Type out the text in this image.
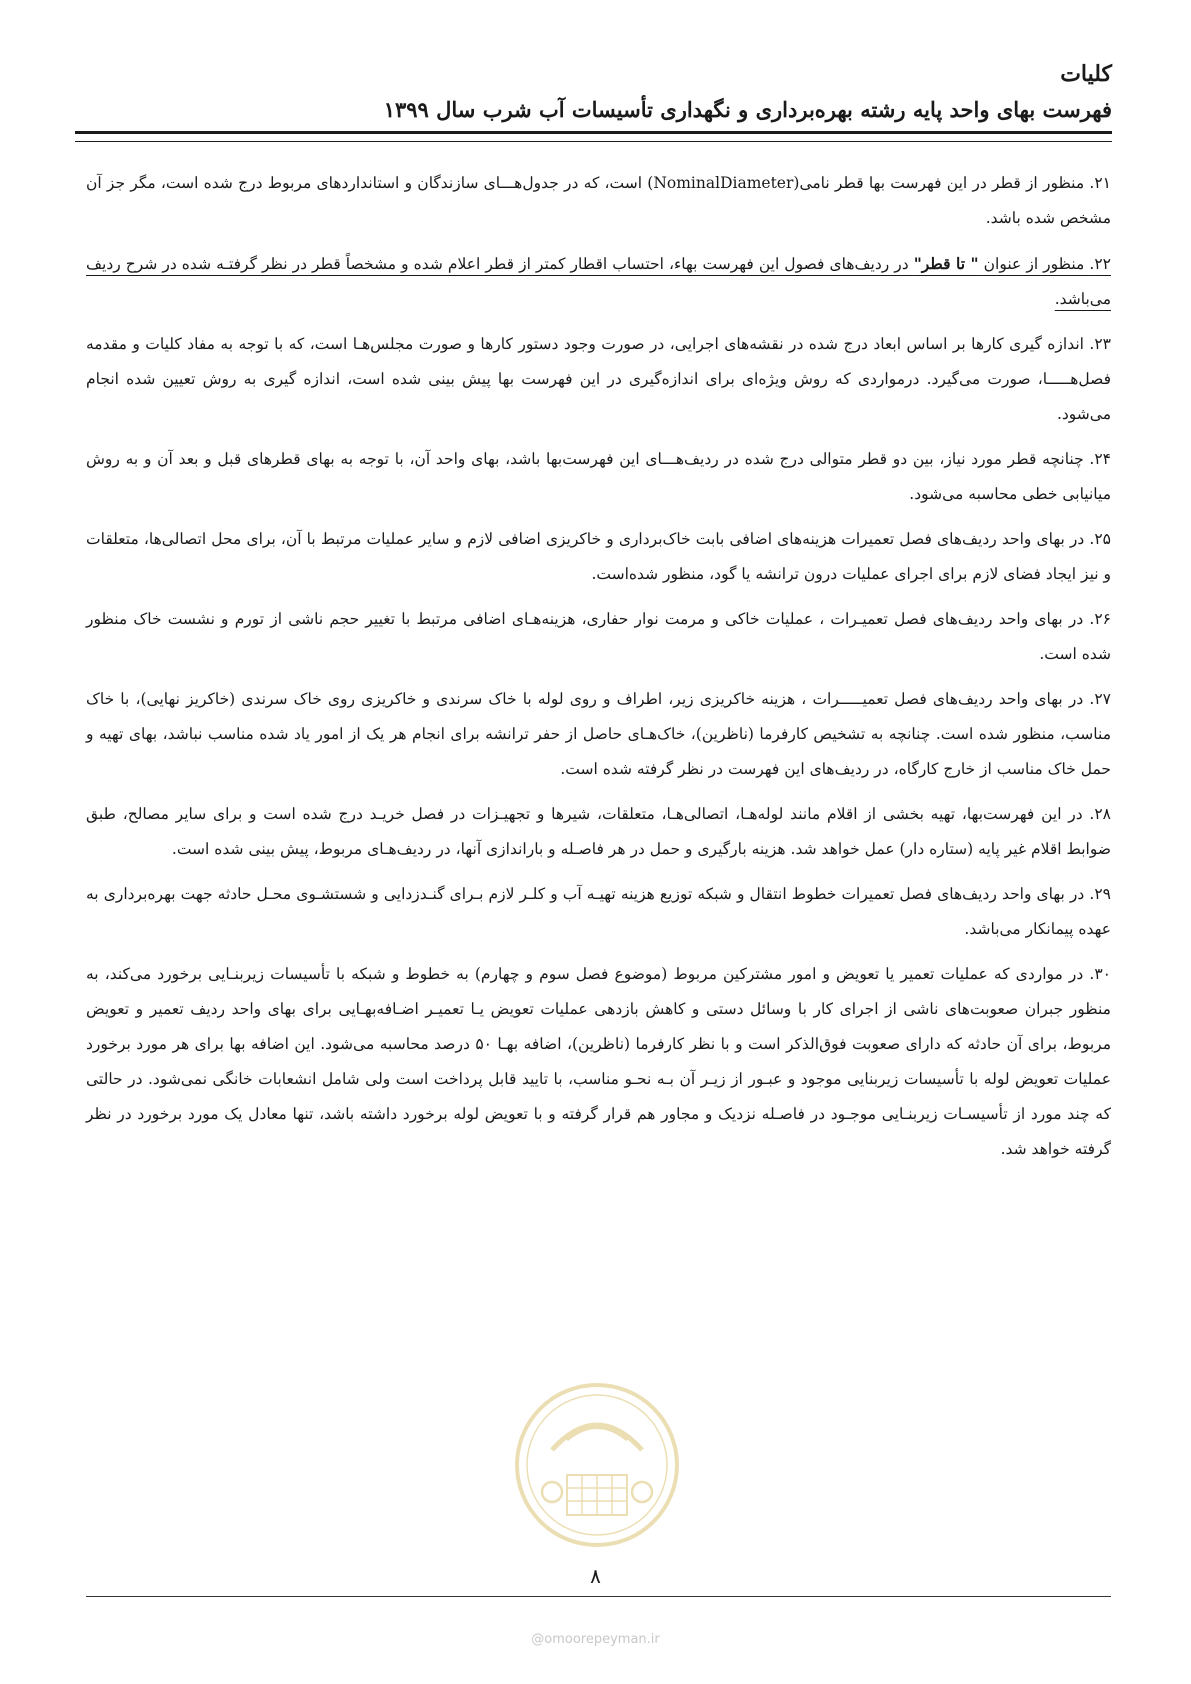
کلیات
فهرست بهای واحد پایه رشته بهره‌برداری و نگهداری تأسیسات آب شرب سال ۱۳۹۹

۲۱. منظور از قطر در این فهرست بها قطر نامی(NominalDiameter) است، که در جدول‌هـــای سازندگان و استانداردهای مربوط درج شده است، مگر جز آن مشخص شده باشد.

۲۲. منظور از عنوان " تا قطر" در ردیف‌های فصول این فهرست بهاء، احتساب اقطار کمتر از قطر اعلام شده و مشخصاً قطر در نظر گرفتـه شده در شرح ردیف می‌باشد.

۲۳. اندازه گیری کارها بر اساس ابعاد درج شده در نقشه‌های اجرایی، در صورت وجود دستور کارها و صورت مجلس‌هـا است، که با توجه به مفاد کلیات و مقدمه فصل‌هـــــا، صورت می‌گیرد. درمواردی که روش ویژه‌ای برای اندازه‌گیری در این فهرست بها پیش بینی شده است، اندازه گیری به روش تعیین شده انجام می‌شود.

۲۴. چنانچه قطر مورد نیاز، بین دو قطر متوالی درج شده در ردیف‌هـــای این فهرست‌بها باشد، بهای واحد آن، با توجه به بهای قطرهای قبل و بعد آن و به روش میانیابی خطی محاسبه می‌شود.

۲۵. در بهای واحد ردیف‌های فصل تعمیرات هزینه‌های اضافی بابت خاک‌برداری و خاکریزی اضافی لازم و سایر عملیات مرتبط با آن، برای محل اتصالی‌ها، متعلقات و نیز ایجاد فضای لازم برای اجرای عملیات درون ترانشه یا گود، منظور شده‌است.

۲۶. در بهای واحد ردیف‌های فصل تعمیـرات ، عملیات خاکی و مرمت نوار حفاری، هزینه‌هـای اضافی مرتبط با تغییر حجم ناشی از تورم و نشست خاک منظور شده است.

۲۷. در بهای واحد ردیف‌های فصل تعمیـــــرات ، هزینه خاکریزی زیر، اطراف و روی لوله با خاک سرندی و خاکریزی روی خاک سرندی (خاکریز نهایی)، با خاک مناسب، منظور شده است. چنانچه به تشخیص کارفرما (ناظرین)، خاک‌هـای حاصل از حفر ترانشه برای انجام هر یک از امور یاد شده مناسب نباشد، بهای تهیه و حمل خاک مناسب از خارج کارگاه، در ردیف‌های این فهرست در نظر گرفته شده است.

۲۸. در این فهرست‌بها، تهیه بخشی از اقلام مانند لوله‌هـا، اتصالی‌هـا، متعلقات، شیرها و تجهیـزات در فصل خریـد درج شده است و برای سایر مصالح، طبق ضوابط اقلام غیر پایه (ستاره دار) عمل خواهد شد. هزینه بارگیری و حمل در هر فاصـله و باراندازی آنها، در ردیف‌هـای مربوط، پیش بینی شده است.

۲۹. در بهای واحد ردیف‌های فصل تعمیرات خطوط انتقال و شبکه توزیع هزینه تهیـه آب و کلـر لازم بـرای گنـدزدایی و شستشـوی محـل حادثه جهت بهره‌برداری به عهده پیمانکار می‌باشد.

۳۰. در مواردی که عملیات تعمیر یا تعویض و امور مشترکین مربوط (موضوع فصل سوم و چهارم) به خطوط و شبکه با تأسیسات زیربنـایی برخورد می‌کند، به منظور جبران صعوبت‌های ناشی از اجرای کار با وسائل دستی و کاهش بازدهی عملیات تعویض یـا تعمیـر اضـافه‌بهـایی برای بهای واحد ردیف تعمیر و تعویض مربوط، برای آن حادثه که دارای صعوبت فوق‌الذکر است و با نظر کارفرما (ناظرین)، اضافه بهـا ۵۰ درصد محاسبه می‌شود. این اضافه بها برای هر مورد برخورد عملیات تعویض لوله با تأسیسات زیربنایی موجود و عبـور از زیـر آن بـه نحـو مناسب، با تایید قابل پرداخت است ولی شامل انشعابات خانگی نمی‌شود. در حالتی که چند مورد از تأسیسـات زیربنـایی موجـود در فاصـله نزدیک و مجاور هم قرار گرفته و با تعویض لوله برخورد داشته باشد، تنها معادل یک مورد برخورد در نظر گرفته خواهد شد.

۸
@omoorepeyman.ir
